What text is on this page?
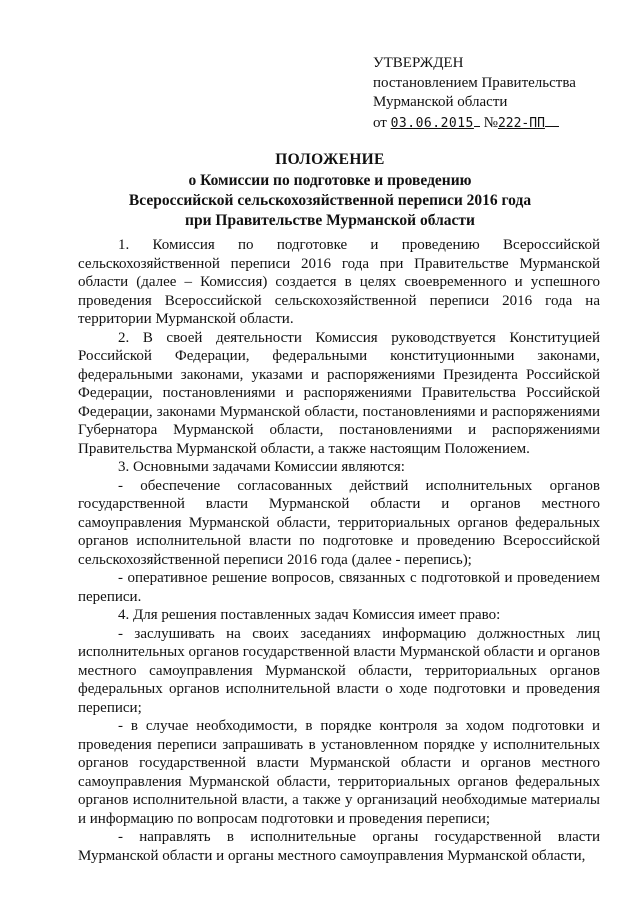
УТВЕРЖДЕН
постановлением Правительства
Мурманской области
от 03.06.2015 №222-ПП
ПОЛОЖЕНИЕ
о Комиссии по подготовке и проведению
Всероссийской сельскохозяйственной переписи 2016 года
при Правительстве Мурманской области

1. Комиссия по подготовке и проведению Всероссийской сельскохозяйственной переписи 2016 года при Правительстве Мурманской области (далее – Комиссия) создается в целях своевременного и успешного проведения Всероссийской сельскохозяйственной переписи 2016 года на территории Мурманской области.

2. В своей деятельности Комиссия руководствуется Конституцией Российской Федерации, федеральными конституционными законами, федеральными законами, указами и распоряжениями Президента Российской Федерации, постановлениями и распоряжениями Правительства Российской Федерации, законами Мурманской области, постановлениями и распоряжениями Губернатора Мурманской области, постановлениями и распоряжениями Правительства Мурманской области, а также настоящим Положением.

3. Основными задачами Комиссии являются:

- обеспечение согласованных действий исполнительных органов государственной власти Мурманской области и органов местного самоуправления Мурманской области, территориальных органов федеральных органов исполнительной власти по подготовке и проведению Всероссийской сельскохозяйственной переписи 2016 года (далее - перепись);

- оперативное решение вопросов, связанных с подготовкой и проведением переписи.

4. Для решения поставленных задач Комиссия имеет право:

- заслушивать на своих заседаниях информацию должностных лиц исполнительных органов государственной власти Мурманской области и органов местного самоуправления Мурманской области, территориальных органов федеральных органов исполнительной власти о ходе подготовки и проведения переписи;

- в случае необходимости, в порядке контроля за ходом подготовки и проведения переписи запрашивать в установленном порядке у исполнительных органов государственной власти Мурманской области и органов местного самоуправления Мурманской области, территориальных органов федеральных органов исполнительной власти, а также у организаций необходимые материалы и информацию по вопросам подготовки и проведения переписи;

- направлять в исполнительные органы государственной власти Мурманской области и органы местного самоуправления Мурманской области,
